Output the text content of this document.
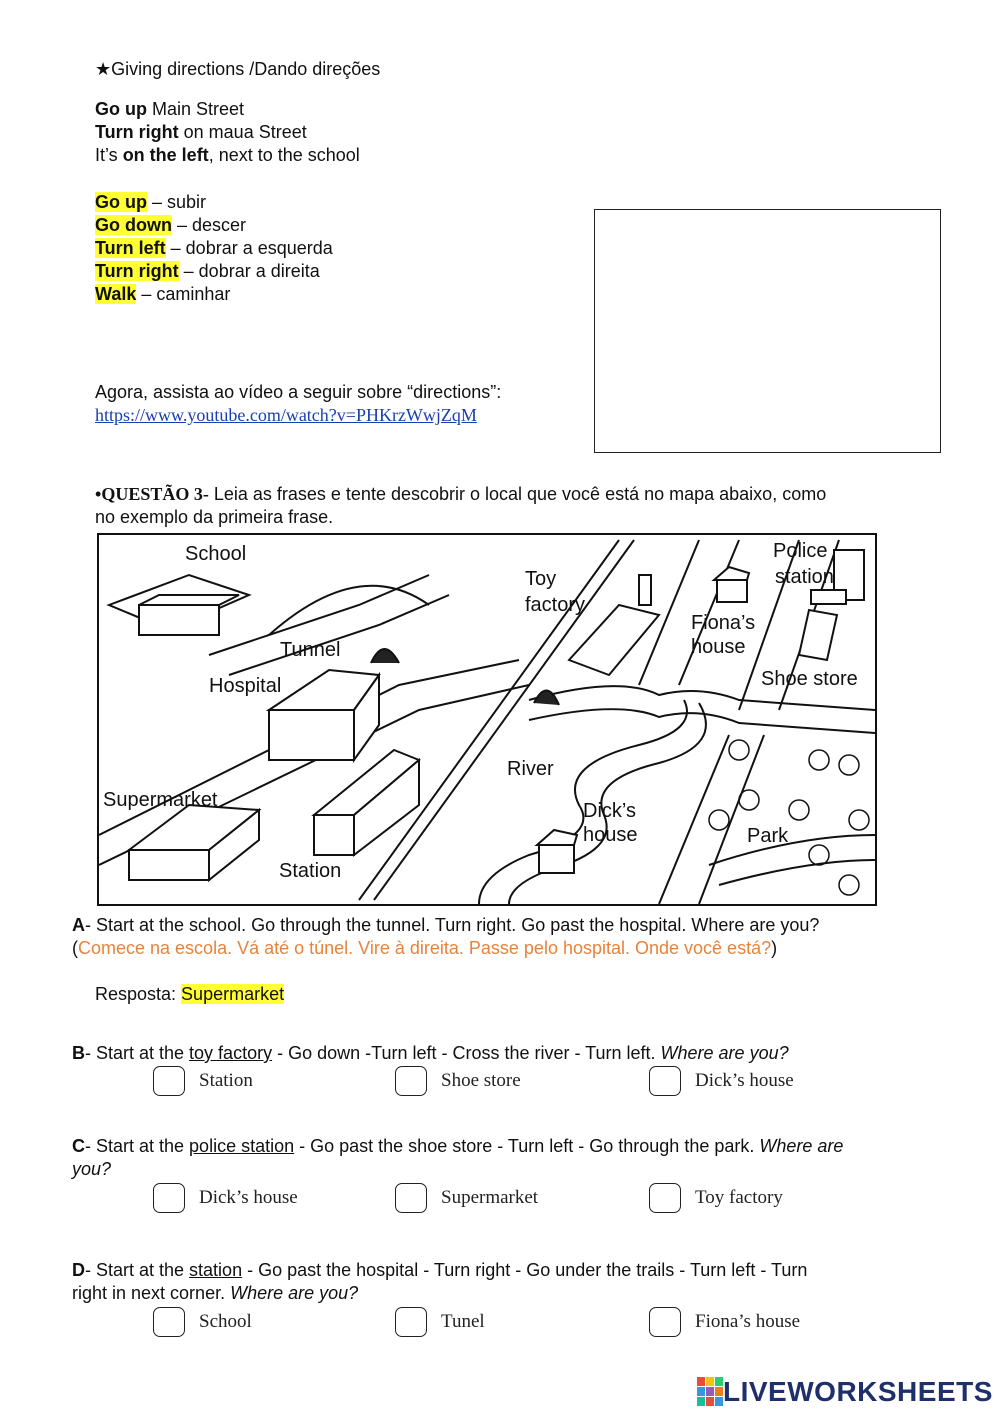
★Giving directions /Dando direções
Go up Main Street
Turn right on maua Street
It’s on the left, next to the school
Go up – subir
Go down – descer
Turn left – dobrar a esquerda
Turn right – dobrar a direita
Walk – caminhar
Agora, assista ao vídeo a seguir sobre “directions”:
https://www.youtube.com/watch?v=PHKrzWwjZqM
•QUESTÃO 3- Leia as frases e tente descobrir o local que você está no mapa abaixo, como
no exemplo da primeira frase.
School
Toy
factory
Police
station
Fiona’s
house
Tunnel
Hospital	Shoe store
River
Supermarket	Dick’s
house	Park
Station
A- Start at the school. Go through the tunnel. Turn right. Go past the hospital. Where are you?
(Comece na escola. Vá até o túnel. Vire à direita. Passe pelo hospital. Onde você está?)
Resposta: Supermarket
B- Start at the toy factory - Go down -Turn left - Cross the river - Turn left. Where are you?
Station	Shoe store	Dick’s house
C- Start at the police station - Go past the shoe store - Turn left - Go through the park. Where are
you?
Dick’s house	Supermarket	Toy factory
D- Start at the station - Go past the hospital - Turn right - Go under the trails - Turn left - Turn
right in next corner. Where are you?
School	Tunel	Fiona’s house
LIVEWORKSHEETS
